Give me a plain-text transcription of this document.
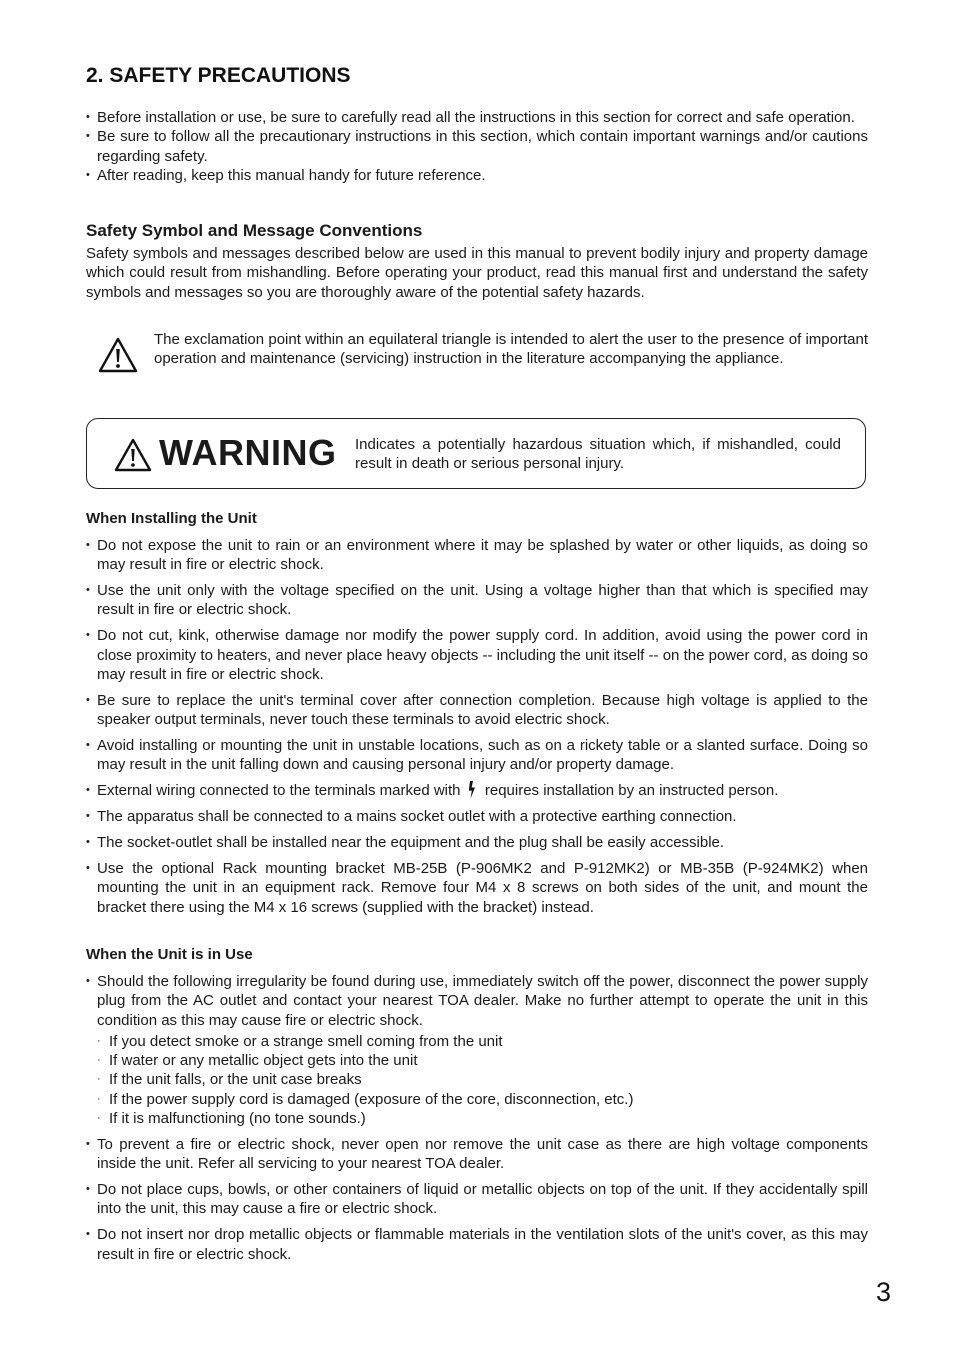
2. SAFETY PRECAUTIONS
• Before installation or use, be sure to carefully read all the instructions in this section for correct and safe operation.
• Be sure to follow all the precautionary instructions in this section, which contain important warnings and/or cautions regarding safety.
• After reading, keep this manual handy for future reference.
Safety Symbol and Message Conventions

Safety symbols and messages described below are used in this manual to prevent bodily injury and property damage which could result from mishandling. Before operating your product, read this manual first and understand the safety symbols and messages so you are thoroughly aware of the potential safety hazards.

The exclamation point within an equilateral triangle is intended to alert the user to the presence of important operation and maintenance (servicing) instruction in the literature accompanying the appliance.

WARNING Indicates a potentially hazardous situation which, if mishandled, could result in death or serious personal injury.

When Installing the Unit
• Do not expose the unit to rain or an environment where it may be splashed by water or other liquids, as doing so may result in fire or electric shock.
• Use the unit only with the voltage specified on the unit. Using a voltage higher than that which is specified may result in fire or electric shock.
• Do not cut, kink, otherwise damage nor modify the power supply cord. In addition, avoid using the power cord in close proximity to heaters, and never place heavy objects -- including the unit itself -- on the power cord, as doing so may result in fire or electric shock.
• Be sure to replace the unit's terminal cover after connection completion. Because high voltage is applied to the speaker output terminals, never touch these terminals to avoid electric shock.
• Avoid installing or mounting the unit in unstable locations, such as on a rickety table or a slanted surface. Doing so may result in the unit falling down and causing personal injury and/or property damage.
• External wiring connected to the terminals marked with requires installation by an instructed person.
• The apparatus shall be connected to a mains socket outlet with a protective earthing connection.
• The socket-outlet shall be installed near the equipment and the plug shall be easily accessible.
• Use the optional Rack mounting bracket MB-25B (P-906MK2 and P-912MK2) or MB-35B (P-924MK2) when mounting the unit in an equipment rack. Remove four M4 x 8 screws on both sides of the unit, and mount the bracket there using the M4 x 16 screws (supplied with the bracket) instead.
When the Unit is in Use
• Should the following irregularity be found during use, immediately switch off the power, disconnect the power supply plug from the AC outlet and contact your nearest TOA dealer. Make no further attempt to operate the unit in this condition as this may cause fire or electric shock.
· If you detect smoke or a strange smell coming from the unit
· If water or any metallic object gets into the unit
· If the unit falls, or the unit case breaks
· If the power supply cord is damaged (exposure of the core, disconnection, etc.)
· If it is malfunctioning (no tone sounds.)
• To prevent a fire or electric shock, never open nor remove the unit case as there are high voltage components inside the unit. Refer all servicing to your nearest TOA dealer.
• Do not place cups, bowls, or other containers of liquid or metallic objects on top of the unit. If they accidentally spill into the unit, this may cause a fire or electric shock.
• Do not insert nor drop metallic objects or flammable materials in the ventilation slots of the unit's cover, as this may result in fire or electric shock.
3
